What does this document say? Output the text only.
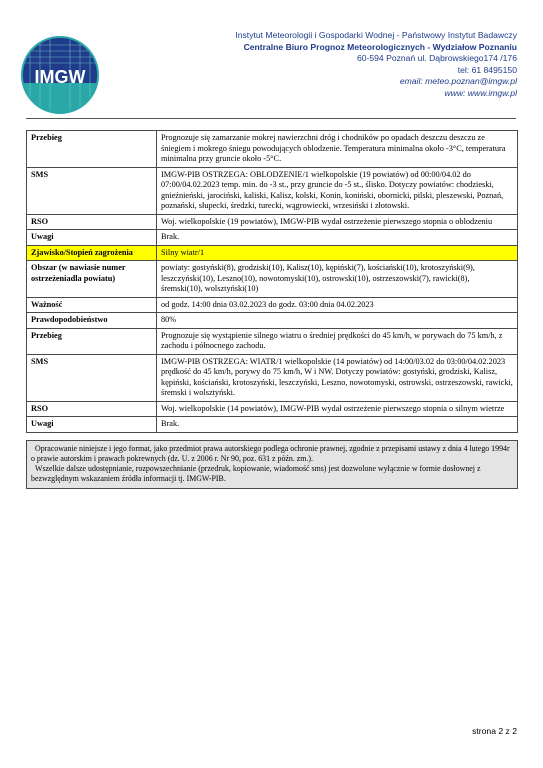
IMGW
Instytut Meteorologii i Gospodarki Wodnej - Państwowy Instytut Badawczy
Centralne Biuro Prognoz Meteorologicznych - Wydziałow Poznaniu
60-594 Poznań ul. Dąbrowskiego174 /176
tel: 61 8495150
email: meteo.poznan@imgw.pl
www: www.imgw.pl
Przebieg	Prognozuje się zamarzanie mokrej nawierzchni dróg i chodników po opadach deszczu deszczu ze śniegiem i mokrego śniegu powodujących oblodzenie. Temperatura minimalna około -3°C, temperatura minimalna przy gruncie około -5°C.
SMS	IMGW-PIB OSTRZEGA: OBLODZENIE/1 wielkopolskie (19 powiatów) od 00:00/04.02 do 07:00/04.02.2023 temp. min. do -3 st., przy gruncie do -5 st., ślisko. Dotyczy powiatów: chodzieski, gnieźnieński, jarociński, kaliski, Kalisz, kolski, Konin, koniński, obornicki, pilski, pleszewski, Poznań, poznański, słupecki, średzki, turecki, wągrowiecki, wrzesiński i złotowski.
RSO	Woj. wielkopolskie (19 powiatów), IMGW-PIB wydał ostrzeżenie pierwszego stopnia o oblodzeniu
Uwagi	Brak.
Zjawisko/Stopień zagrożenia	Silny wiatr/1
Obszar (w nawiasie numer ostrzeżeniadla powiatu)	powiaty: gostyński(8), grodziski(10), Kalisz(10), kępiński(7), kościański(10), krotoszyński(9), leszczyński(10), Leszno(10), nowotomyski(10), ostrowski(10), ostrzeszowski(7), rawicki(8), śremski(10), wolsztyński(10)
Ważność	od godz. 14:00 dnia 03.02.2023 do godz. 03:00 dnia 04.02.2023
Prawdopodobieństwo	80%
Przebieg	Prognozuje się wystąpienie silnego wiatru o średniej prędkości do 45 km/h, w porywach do 75 km/h, z zachodu i północnego zachodu.
SMS	IMGW-PIB OSTRZEGA: WIATR/1 wielkopolskie (14 powiatów) od 14:00/03.02 do 03:00/04.02.2023 prędkość do 45 km/h, porywy do 75 km/h, W i NW. Dotyczy powiatów: gostyński, grodziski, Kalisz, kępiński, kościański, krotoszyński, leszczyński, Leszno, nowotomyski, ostrowski, ostrzeszowski, rawicki, śremski i wolsztyński.
RSO	Woj. wielkopolskie (14 powiatów), IMGW-PIB wydał ostrzeżenie pierwszego stopnia o silnym wietrze
Uwagi	Brak.

Opracowanie niniejsze i jego format, jako przedmiot prawa autorskiego podlega ochronie prawnej, zgodnie z przepisami ustawy z dnia 4 lutego 1994r o prawie autorskim i prawach pokrewnych (dz. U. z 2006 r. Nr 90, poz. 631 z późn. zm.).
Wszelkie dalsze udostępnianie, rozpowszechnianie (przedruk, kopiowanie, wiadomość sms) jest dozwolone wyłącznie w formie dosłownej z bezwzględnym wskazaniem źródła informacji tj. IMGW-PIB.	
strona 2 z 2
